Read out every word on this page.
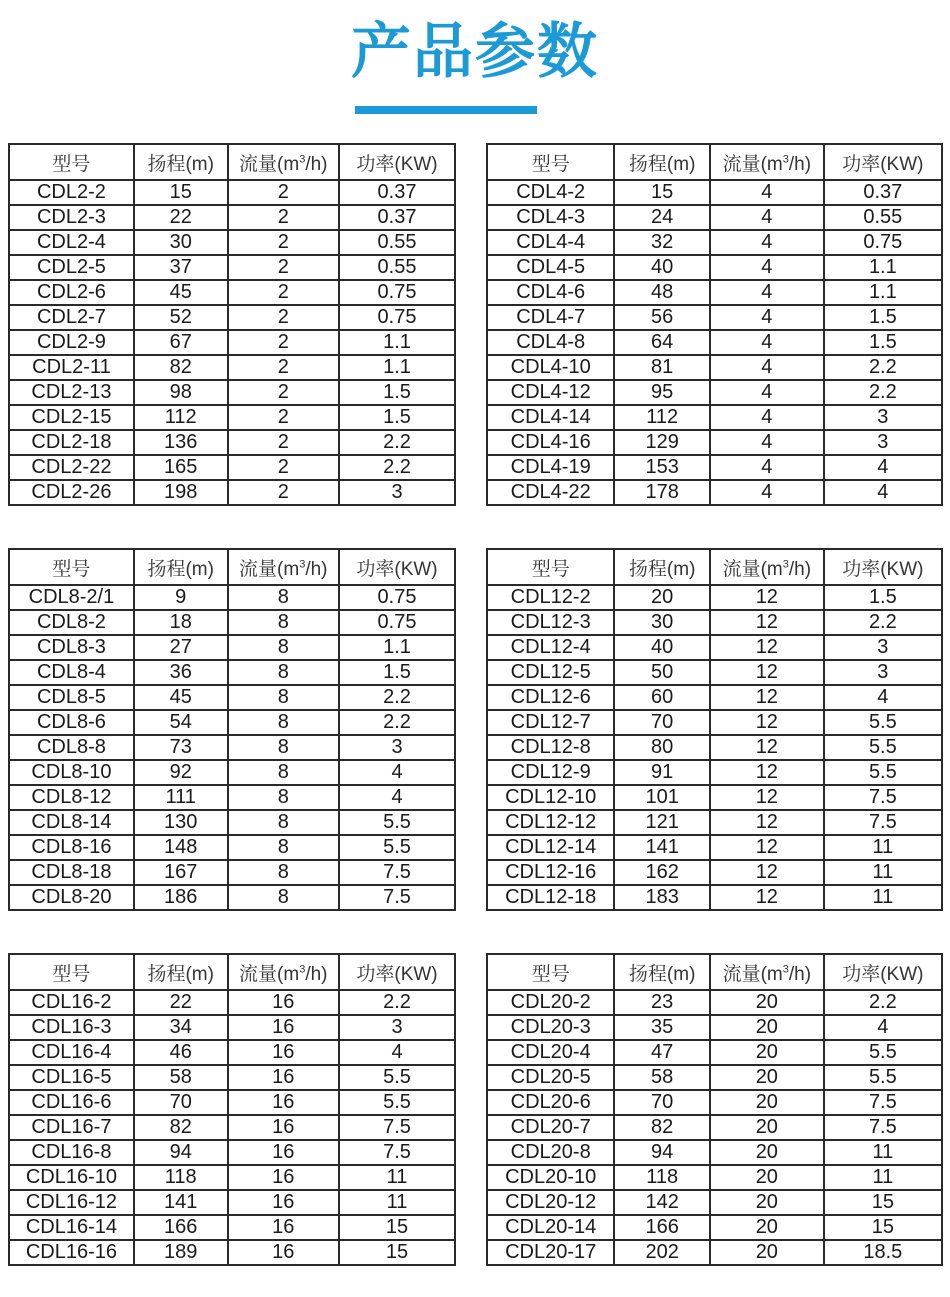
产品参数
型号	扬程(m)	流量$(m^3/h)$	功率(KW)
CDL2-2	15	2	0.37
CDL2-3	22	2	0.37
CDL2-4	30	2	0.55
CDL2-5	37	2	0.55
CDL2-6	45	2	0.75
CDL2-7	52	2	0.75
CDL2-9	67	2	1.1
CDL2-11	82	2	1.1
CDL2-13	98	2	1.5
CDL2-15	112	2	1.5
CDL2-18	136	2	2.2
CDL2-22	165	2	2.2
CDL2-26	198	2	3
型号	扬程(m)	流量$(m^3/h)$	功率(KW)
CDL4-2	15	4	0.37
CDL4-3	24	4	0.55
CDL4-4	32	4	0.75
CDL4-5	40	4	1.1
CDL4-6	48	4	1.1
CDL4-7	56	4	1.5
CDL4-8	64	4	1.5
CDL4-10	81	4	2.2
CDL4-12	95	4	2.2
CDL4-14	112	4	3
CDL4-16	129	4	3
CDL4-19	153	4	4
CDL4-22	178	4	4
型号	扬程(m)	流量$(m^3/h)$	功率(KW)
CDL8-2/1	9	8	0.75
CDL8-2	18	8	0.75
CDL8-3	27	8	1.1
CDL8-4	36	8	1.5
CDL8-5	45	8	2.2
CDL8-6	54	8	2.2
CDL8-8	73	8	3
CDL8-10	92	8	4
CDL8-12	111	8	4
CDL8-14	130	8	5.5
CDL8-16	148	8	5.5
CDL8-18	167	8	7.5
CDL8-20	186	8	7.5
型号	扬程(m)	流量$(m^3/h)$	功率(KW)
CDL12-2	20	12	1.5
CDL12-3	30	12	2.2
CDL12-4	40	12	3
CDL12-5	50	12	3
CDL12-6	60	12	4
CDL12-7	70	12	5.5
CDL12-8	80	12	5.5
CDL12-9	91	12	5.5
CDL12-10	101	12	7.5
CDL12-12	121	12	7.5
CDL12-14	141	12	11
CDL12-16	162	12	11
CDL12-18	183	12	11
型号	扬程(m)	流量$(m^3/h)$	功率(KW)
CDL16-2	22	16	2.2
CDL16-3	34	16	3
CDL16-4	46	16	4
CDL16-5	58	16	5.5
CDL16-6	70	16	5.5
CDL16-7	82	16	7.5
CDL16-8	94	16	7.5
CDL16-10	118	16	11
CDL16-12	141	16	11
CDL16-14	166	16	15
CDL16-16	189	16	15
型号	扬程(m)	流量$(m^3/h)$	功率(KW)
CDL20-2	23	20	2.2
CDL20-3	35	20	4
CDL20-4	47	20	5.5
CDL20-5	58	20	5.5
CDL20-6	70	20	7.5
CDL20-7	82	20	7.5
CDL20-8	94	20	11
CDL20-10	118	20	11
CDL20-12	142	20	15
CDL20-14	166	20	15
CDL20-17	202	20	18.5
